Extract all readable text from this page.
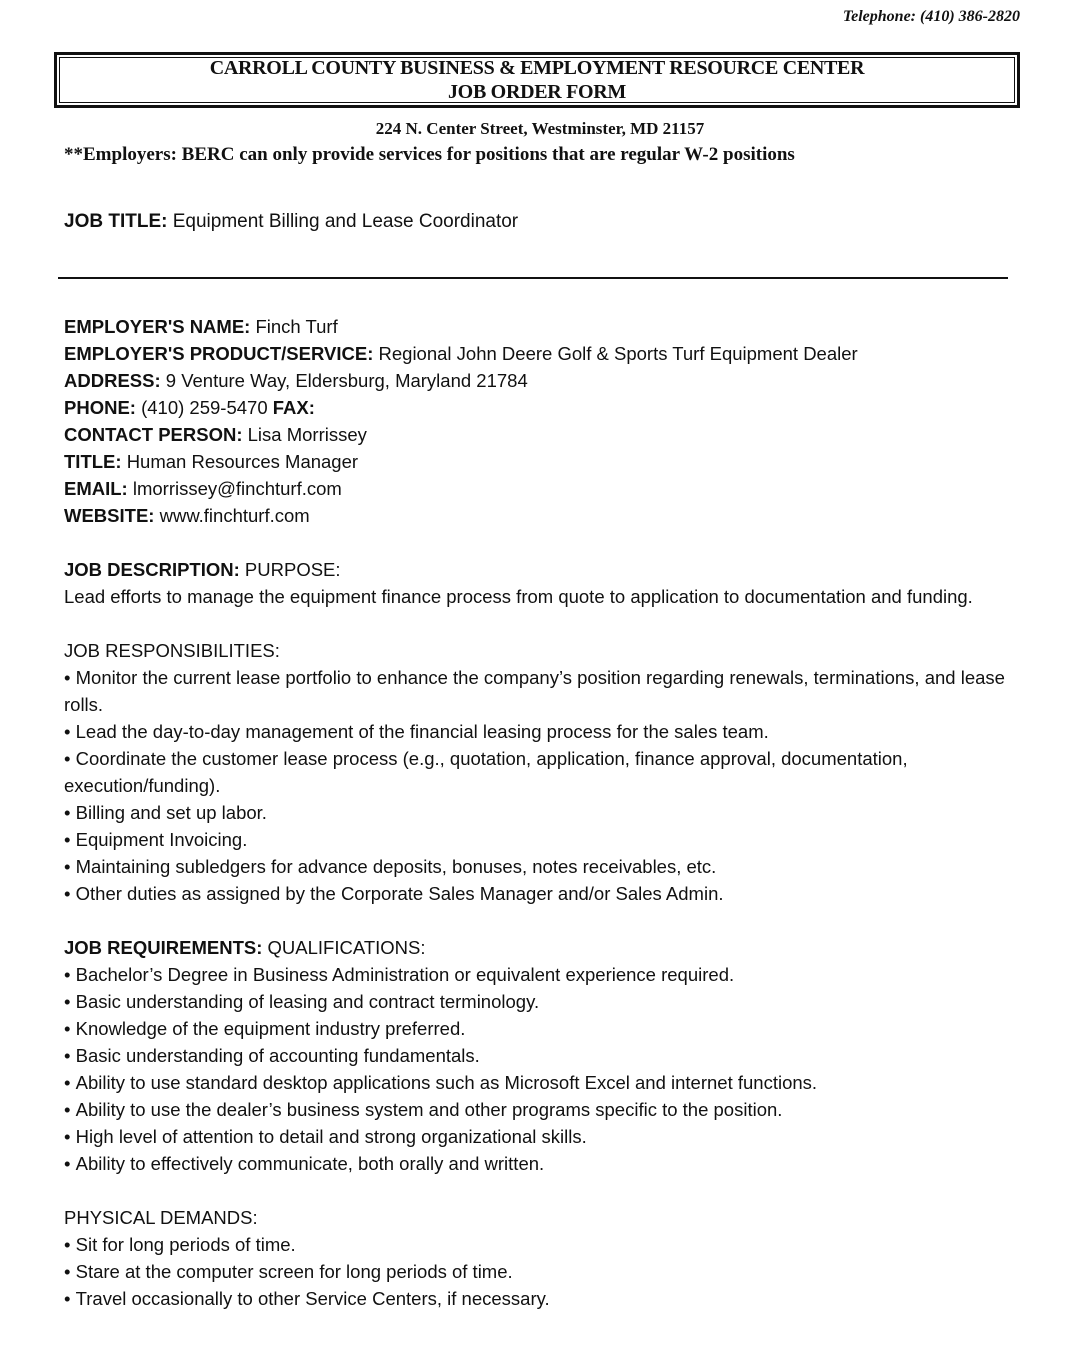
Telephone: (410) 386-2820
CARROLL COUNTY BUSINESS & EMPLOYMENT RESOURCE CENTER
JOB ORDER FORM
224 N. Center Street, Westminster, MD 21157
**Employers: BERC can only provide services for positions that are regular W-2 positions
JOB TITLE: Equipment Billing and Lease Coordinator
EMPLOYER'S NAME: Finch Turf
EMPLOYER'S PRODUCT/SERVICE: Regional John Deere Golf & Sports Turf Equipment Dealer
ADDRESS: 9 Venture Way, Eldersburg, Maryland 21784
PHONE: (410) 259-5470 FAX:
CONTACT PERSON: Lisa Morrissey
TITLE: Human Resources Manager
EMAIL: lmorrissey@finchturf.com
WEBSITE: www.finchturf.com
JOB DESCRIPTION: PURPOSE:

Lead efforts to manage the equipment finance process from quote to application to documentation and funding.

JOB RESPONSIBILITIES:
• Monitor the current lease portfolio to enhance the company’s position regarding renewals, terminations, and lease rolls.
• Lead the day-to-day management of the financial leasing process for the sales team.
• Coordinate the customer lease process (e.g., quotation, application, finance approval, documentation, execution/funding).
• Billing and set up labor.
• Equipment Invoicing.
• Maintaining subledgers for advance deposits, bonuses, notes receivables, etc.
• Other duties as assigned by the Corporate Sales Manager and/or Sales Admin.
JOB REQUIREMENTS: QUALIFICATIONS:
• Bachelor’s Degree in Business Administration or equivalent experience required.
• Basic understanding of leasing and contract terminology.
• Knowledge of the equipment industry preferred.
• Basic understanding of accounting fundamentals.
• Ability to use standard desktop applications such as Microsoft Excel and internet functions.
• Ability to use the dealer’s business system and other programs specific to the position.
• High level of attention to detail and strong organizational skills.
• Ability to effectively communicate, both orally and written.
PHYSICAL DEMANDS:
• Sit for long periods of time.
• Stare at the computer screen for long periods of time.
• Travel occasionally to other Service Centers, if necessary.
